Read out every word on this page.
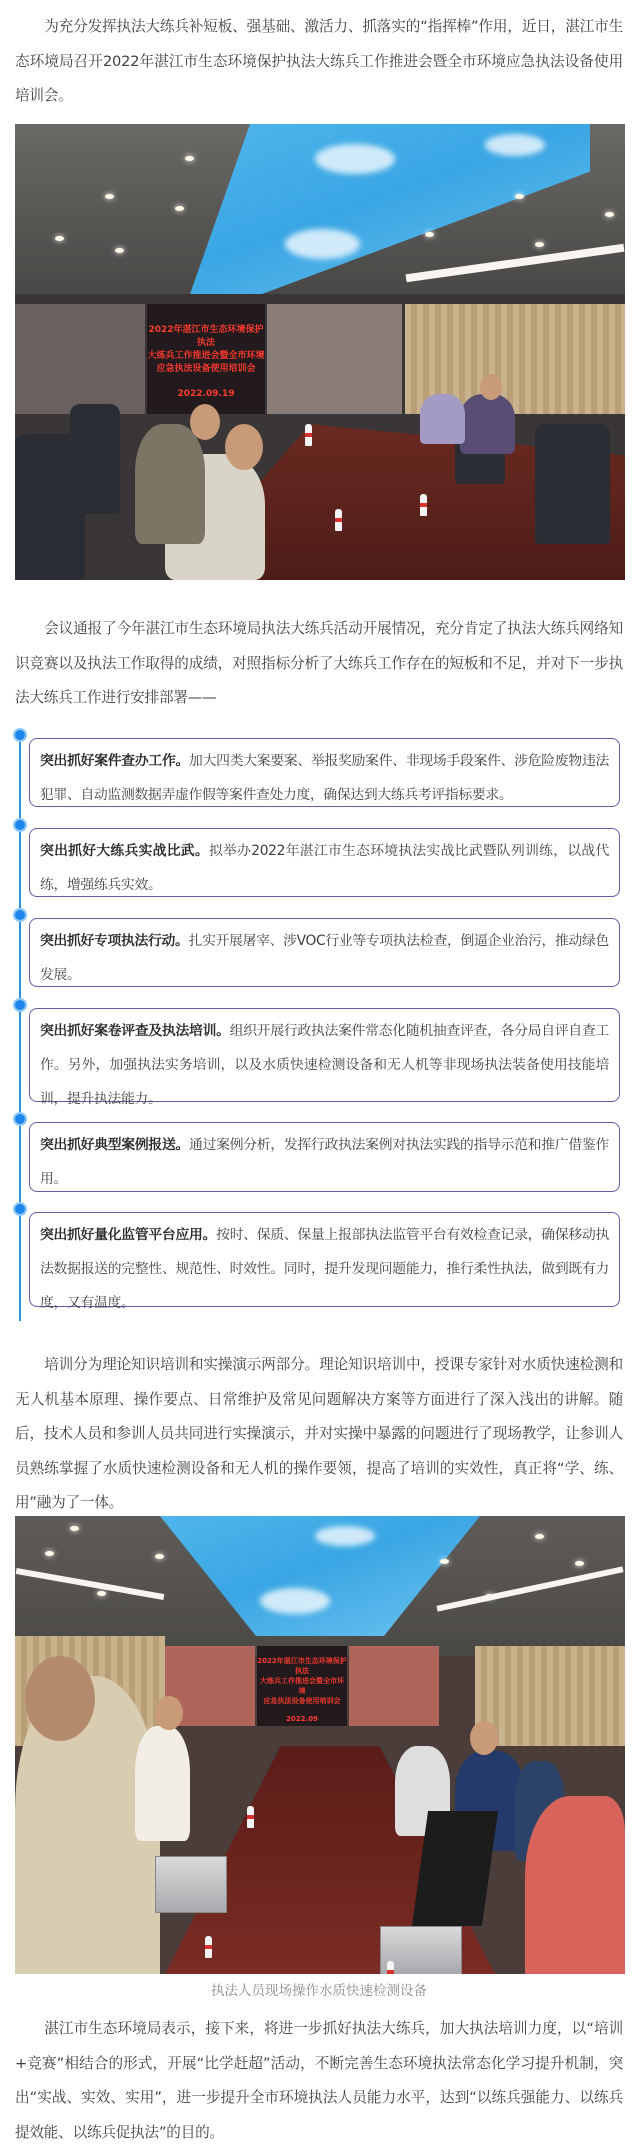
为充分发挥执法大练兵补短板、强基础、激活力、抓落实的“指挥棒”作用，近日，湛江市生态环境局召开2022年湛江市生态环境保护执法大练兵工作推进会暨全市环境应急执法设备使用培训会。

2022年湛江市生态环境保护执法
大练兵工作推进会暨全市环境
应急执法设备使用培训会
2022.09.19

会议通报了今年湛江市生态环境局执法大练兵活动开展情况，充分肯定了执法大练兵网络知识竞赛以及执法工作取得的成绩，对照指标分析了大练兵工作存在的短板和不足，并对下一步执法大练兵工作进行安排部署——

突出抓好案件查办工作。加大四类大案要案、举报奖励案件、非现场手段案件、涉危险废物违法犯罪、自动监测数据弄虚作假等案件查处力度，确保达到大练兵考评指标要求。
突出抓好大练兵实战比武。拟举办2022年湛江市生态环境执法实战比武暨队列训练，以战代练，增强练兵实效。
突出抓好专项执法行动。扎实开展屠宰、涉VOC行业等专项执法检查，倒逼企业治污，推动绿色发展。
突出抓好案卷评查及执法培训。组织开展行政执法案件常态化随机抽查评查，各分局自评自查工作。另外，加强执法实务培训，以及水质快速检测设备和无人机等非现场执法装备使用技能培训，提升执法能力。
突出抓好典型案例报送。通过案例分析，发挥行政执法案例对执法实践的指导示范和推广借鉴作用。
突出抓好量化监管平台应用。按时、保质、保量上报部执法监管平台有效检查记录，确保移动执法数据报送的完整性、规范性、时效性。同时，提升发现问题能力，推行柔性执法，做到既有力度，又有温度。

培训分为理论知识培训和实操演示两部分。理论知识培训中，授课专家针对水质快速检测和无人机基本原理、操作要点、日常维护及常见问题解决方案等方面进行了深入浅出的讲解。随后，技术人员和参训人员共同进行实操演示，并对实操中暴露的问题进行了现场教学，让参训人员熟练掌握了水质快速检测设备和无人机的操作要领，提高了培训的实效性，真正将“学、练、用”融为了一体。

2022年湛江市生态环境保护执法
大练兵工作推进会暨全市环境
应急执法设备使用培训会
2022.09
执法人员现场操作水质快速检测设备

湛江市生态环境局表示，接下来，将进一步抓好执法大练兵，加大执法培训力度，以“培训+竞赛”相结合的形式，开展“比学赶超”活动，不断完善生态环境执法常态化学习提升机制，突出“实战、实效、实用”，进一步提升全市环境执法人员能力水平，达到“以练兵强能力、以练兵提效能、以练兵促执法”的目的。
